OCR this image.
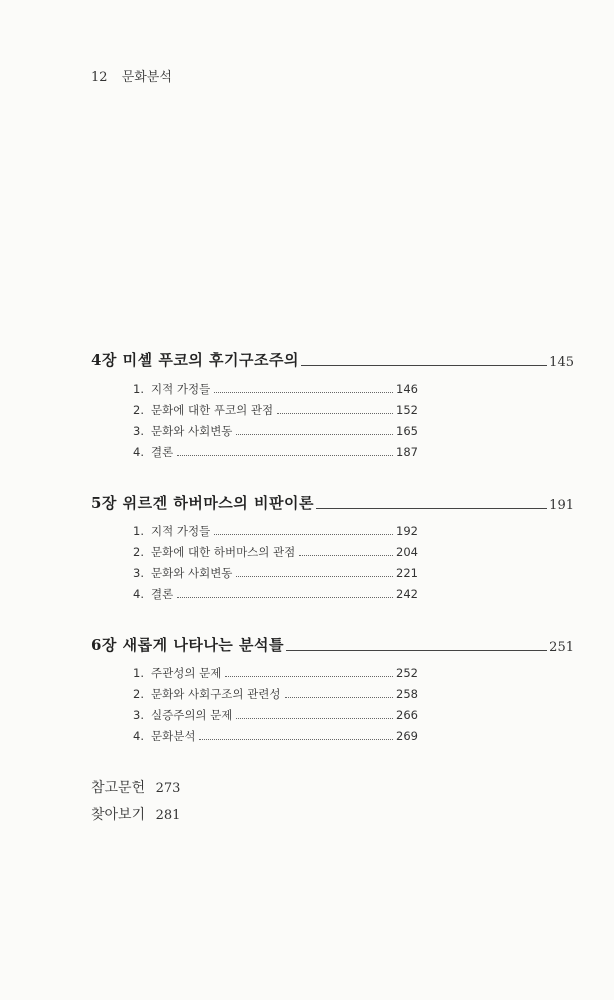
12 문화분석
4장 미셸 푸코의 후기구조주의	145
1. 지적 가정들	146
2. 문화에 대한 푸코의 관점	152
3. 문화와 사회변동	165
4. 결론	187
5장 위르겐 하버마스의 비판이론	191
1. 지적 가정들	192
2. 문화에 대한 하버마스의 관점	204
3. 문화와 사회변동	221
4. 결론	242
6장 새롭게 나타나는 분석틀	251
1. 주관성의 문제	252
2. 문화와 사회구조의 관련성	258
3. 실증주의의 문제	266
4. 문화분석	269
참고문헌 273
찾아보기 281
